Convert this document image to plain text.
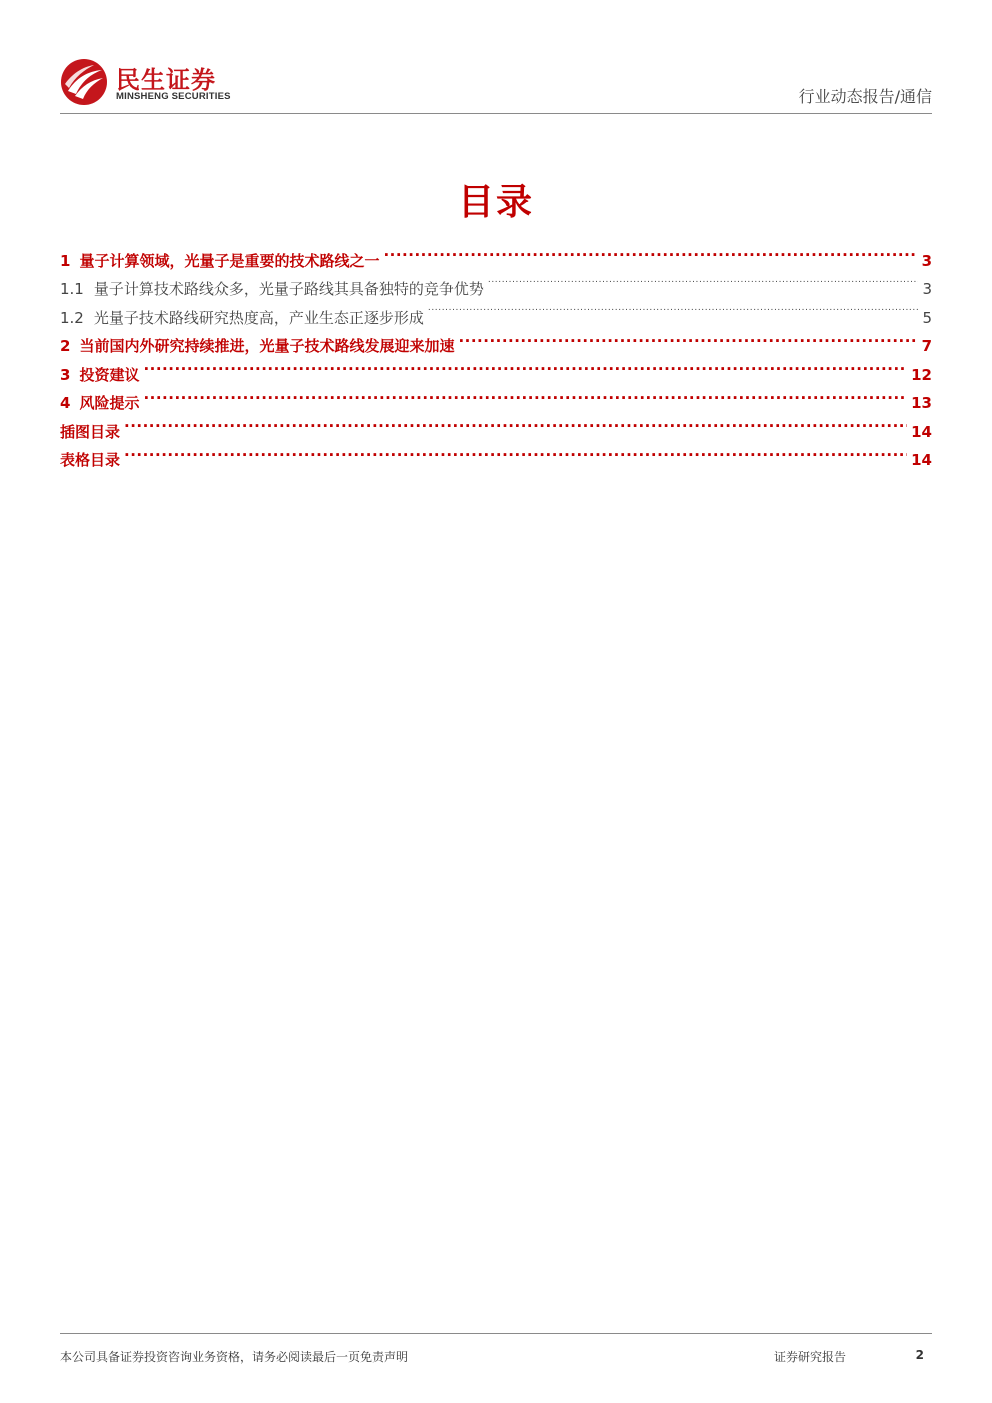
民生证券
MINSHENG SECURITIES	行业动态报告/通信
目录
1 量子计算领域，光量子是重要的技术路线之一 .....	3
1.1 量子计算技术路线众多，光量子路线其具备独特的竞争优势 .....	3
1.2 光量子技术路线研究热度高，产业生态正逐步形成 .....	5
2 当前国内外研究持续推进，光量子技术路线发展迎来加速 .....	7
3 投资建议 .....	12
4 风险提示 .....	13
插图目录 .....	14
表格目录 .....	14
本公司具备证券投资咨询业务资格，请务必阅读最后一页免责声明	证券研究报告	2
